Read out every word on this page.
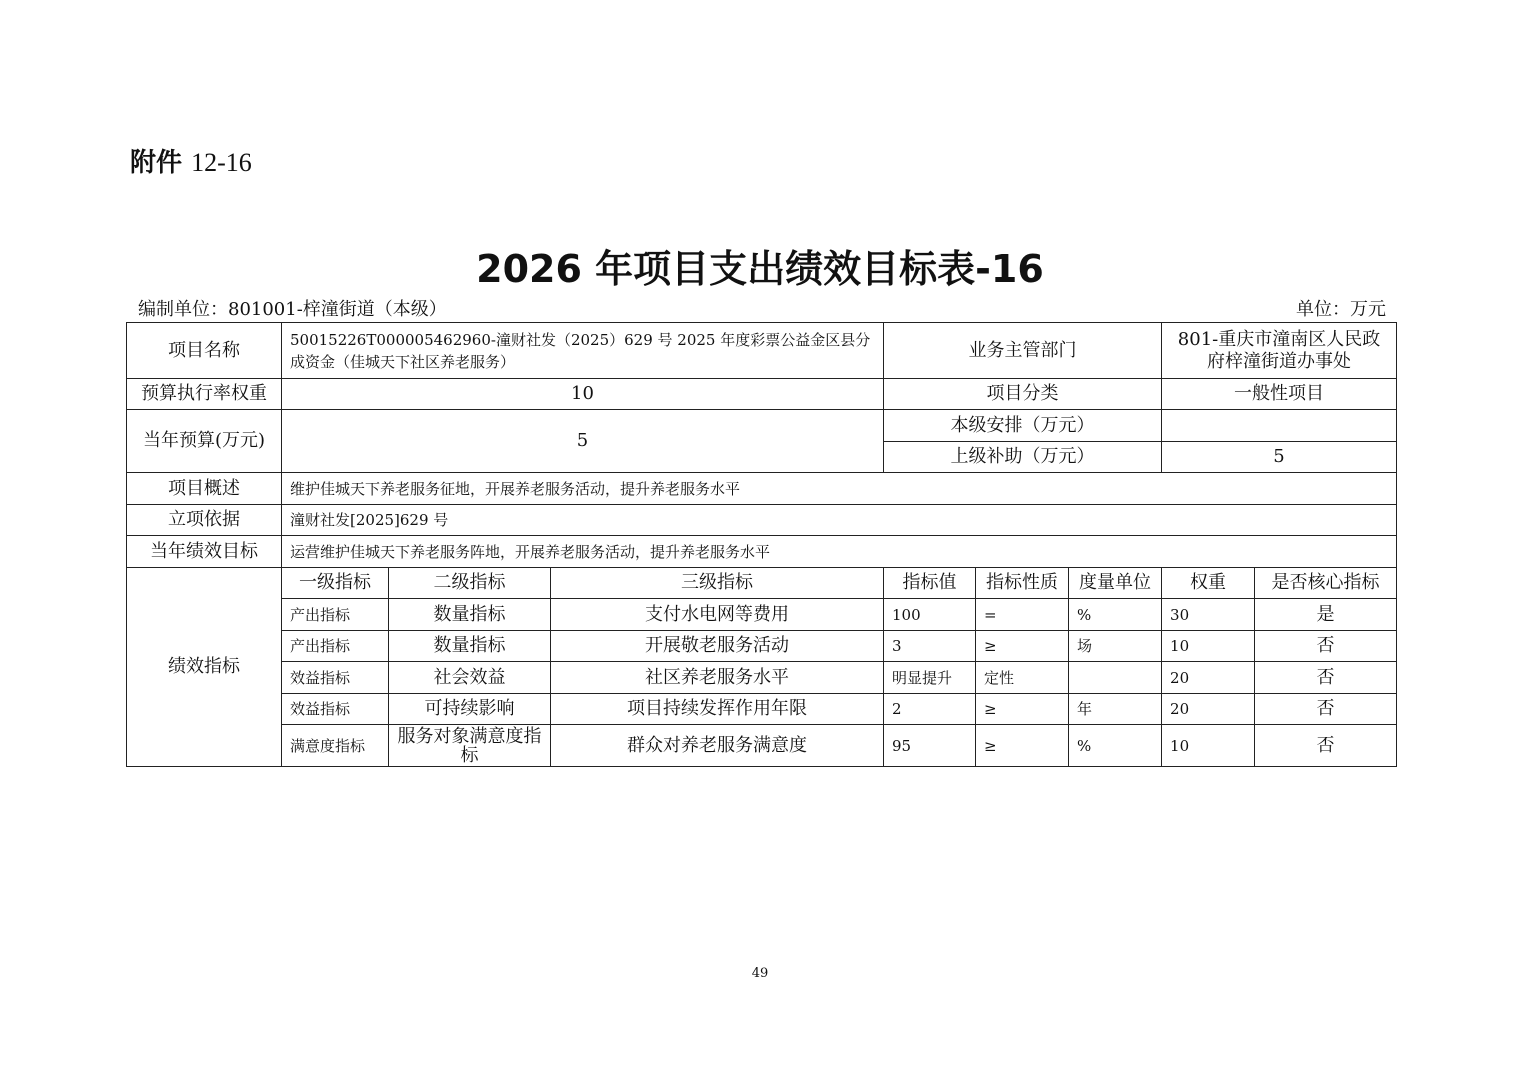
附件 12-16
2026 年项目支出绩效目标表-16
编制单位：801001-梓潼街道（本级）	单位：万元
项目名称	50015226T000005462960-潼财社发（2025）629 号 2025 年度彩票公益金区县分成资金（佳城天下社区养老服务）			业务主管部门			801-重庆市潼南区人民政府梓潼街道办事处	
预算执行率权重	10			项目分类			一般性项目	
当年预算(万元)	5			本级安排（万元）				
				上级补助（万元）			5	
项目概述	维护佳城天下养老服务征地，开展养老服务活动，提升养老服务水平							
立项依据	潼财社发[2025]629 号							
当年绩效目标	运营维护佳城天下养老服务阵地，开展养老服务活动，提升养老服务水平							
绩效指标	一级指标	二级指标	三级指标	指标值	指标性质	度量单位	权重	是否核心指标
	产出指标	数量指标	支付水电网等费用	100	=	%	30	是
	产出指标	数量指标	开展敬老服务活动	3	≥	场	10	否
	效益指标	社会效益	社区养老服务水平	明显提升	定性		20	否
	效益指标	可持续影响	项目持续发挥作用年限	2	≥	年	20	否
	满意度指标	服务对象满意度指标	群众对养老服务满意度	95	≥	%	10	否
49
